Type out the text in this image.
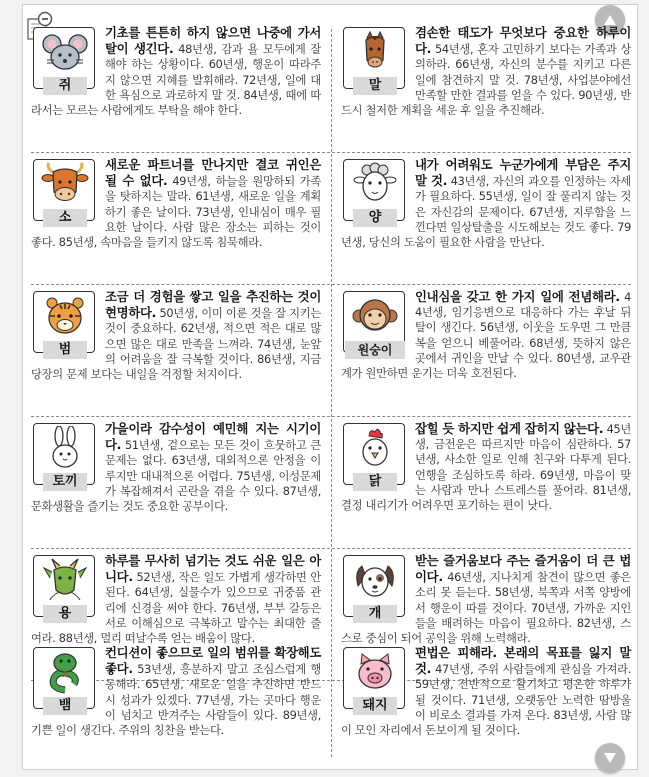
쥐
기초를 튼튼히 하지 않으면 나중에 가서 탈이 생긴다. 48년생, 감과 욜 모두에게 잘 해야 하는 상황이다. 60년생, 행운이 따라주지 않으면 지혜를 발휘해라. 72년생, 일에 대한 욕심으로 과로하지 말 것. 84년생, 때에 따라서는 모르는 사람에게도 부탁을 해야 한다.
말
겸손한 태도가 무엇보다 중요한 하루이다. 54년생, 혼자 고민하기 보다는 가족과 상의하라. 66년생, 자신의 분수를 지키고 다른 일에 참견하지 말 것. 78년생, 사업분야에선 만족할 만한 결과를 얻을 수 있다. 90년생, 반드시 철저한 계획을 세운 후 일을 추진해라.
소
새로운 파트너를 만나지만 결코 귀인은 될 수 없다. 49년생, 하늘을 원망하되 가족을 탓하지는 말라. 61년생, 새로운 일을 계획하기 좋은 날이다. 73년생, 인내심이 매우 필요한 날이다. 사람 많은 장소는 피하는 것이 좋다. 85년생, 속마음을 들키지 않도록 침묵해라.
양
내가 어려워도 누군가에게 부담은 주지 말 것. 43년생, 자신의 과오를 인정하는 자세가 필요하다. 55년생, 일이 잘 풀리지 않는 것은 자신감의 문제이다. 67년생, 지루함을 느낀다면 일상탈출을 시도해보는 것도 좋다. 79년생, 당신의 도움이 필요한 사람을 만난다.
범
조금 더 경험을 쌓고 일을 추진하는 것이 현명하다. 50년생, 이미 이룬 것을 잘 지키는 것이 중요하다. 62년생, 적으면 적은 대로 많으면 많은 대로 만족을 느껴라. 74년생, 눈앞의 어려움을 잘 극복할 것이다. 86년생, 지금 당장의 문제 보다는 내일을 걱정할 처지이다.
원숭이
인내심을 갖고 한 가지 일에 전념해라. 44년생, 임기응변으로 대응하다 가는 후날 뒤탈이 생긴다. 56년생, 이웃을 도우면 그 만큼 복을 얻으니 베풀어라. 68년생, 뜻하지 않은 곳에서 귀인을 만날 수 있다. 80년생, 교우관계가 원만하면 운기는 더욱 호전된다.
토끼
가을이라 감수성이 예민해 지는 시기이다. 51년생, 겉으로는 모든 것이 흐뭇하고 큰 문제는 없다. 63년생, 대외적으론 안정을 이루지만 대내적으론 어렵다. 75년생, 이성문제가 복잡해져서 곤란을 겪을 수 있다. 87년생, 문화생활을 즐기는 것도 중요한 공부이다.
닭
잡힐 듯 하지만 쉽게 잡히지 않는다. 45년생, 금전운은 따르지만 마음이 심란하다. 57년생, 사소한 일로 인해 친구와 다투게 된다. 언행을 조심하도록 하라. 69년생, 마음이 맞는 사람과 만나 스트레스를 풀어라. 81년생, 결정 내리기가 어려우면 포기하는 편이 낫다.
용
하루를 무사히 넘기는 것도 쉬운 일은 아니다. 52년생, 작은 일도 가볍게 생각하면 안 된다. 64년생, 실물수가 있으므로 귀중품 관리에 신경을 써야 한다. 76년생, 부부 갈등은 서로 이해심으로 극복하고 말수는 최대한 줄여라. 88년생, 멀리 떠날수록 얻는 배움이 많다.
개
받는 즐거움보다 주는 즐거움이 더 큰 법이다. 46년생, 지나치게 참견이 많으면 좋은 소리 못 듣는다. 58년생, 북쪽과 서쪽 양방에서 행운이 따를 것이다. 70년생, 가까운 지인들을 배려하는 마음이 필요하다. 82년생, 스스로 중심이 되어 공익을 위해 노력해라.
뱀
컨디션이 좋으므로 일의 범위를 확장해도 좋다. 53년생, 흥분하지 말고 조심스럽게 행동해라. 65년생, 새로운 일을 추진하면 반드시 성과가 있겠다. 77년생, 가는 곳마다 행운이 넘치고 반겨주는 사람들이 있다. 89년생, 기쁜 일이 생긴다. 주위의 칭찬을 받는다.
돼지
편법은 피해라. 본래의 목표를 잃지 말 것. 47년생, 주위 사람들에게 관심을 가져라. 59년생, 전반적으로 활기차고 평온한 하루가 될 것이다. 71년생, 오랫동안 노력한 땀방울이 비로소 결과를 가져 온다. 83년생, 사람 많이 모인 자리에서 돈보이게 될 것이다.
